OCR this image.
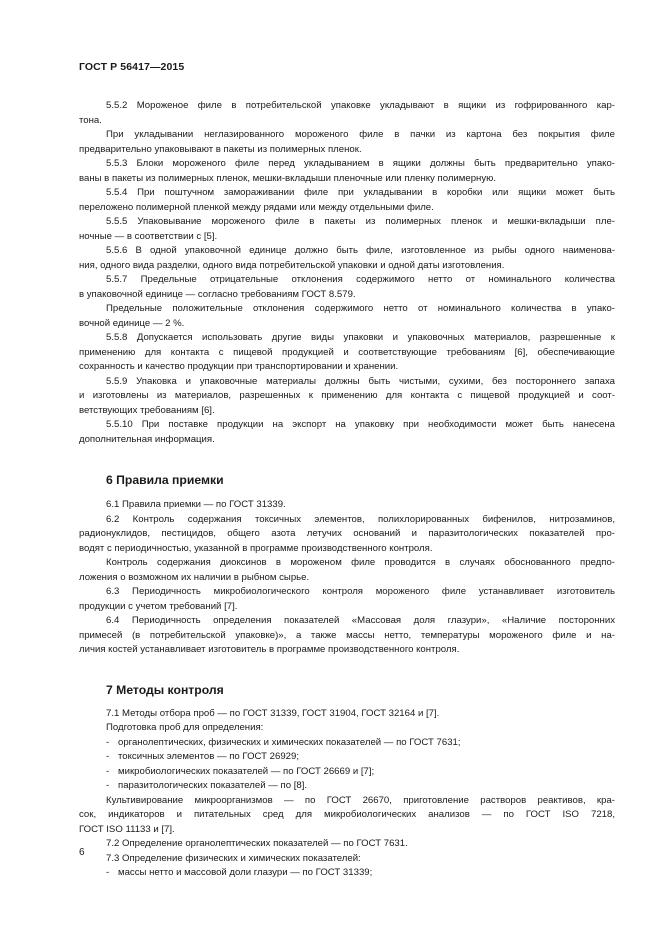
ГОСТ Р 56417—2015

5.5.2 Мороженое филе в потребительской упаковке укладывают в ящики из гофрированного кар-

тона.

При укладывании неглазированного мороженого филе в пачки из картона без покрытия филе

предварительно упаковывают в пакеты из полимерных пленок.

5.5.3 Блоки мороженого филе перед укладыванием в ящики должны быть предварительно упако-

ваны в пакеты из полимерных пленок, мешки-вкладыши пленочные или пленку полимерную.

5.5.4 При поштучном замораживании филе при укладывании в коробки или ящики может быть

переложено полимерной пленкой между рядами или между отдельными филе.

5.5.5 Упаковывание мороженого филе в пакеты из полимерных пленок и мешки-вкладыши пле-

ночные — в соответствии с [5].

5.5.6 В одной упаковочной единице должно быть филе, изготовленное из рыбы одного наименова-

ния, одного вида разделки, одного вида потребительской упаковки и одной даты изготовления.

5.5.7 Предельные отрицательные отклонения содержимого нетто от номинального количества

в упаковочной единице — согласно требованиям ГОСТ 8.579.

Предельные положительные отклонения содержимого нетто от номинального количества в упако-

вочной единице — 2 %.

5.5.8 Допускается использовать другие виды упаковки и упаковочных материалов, разрешенные к

применению для контакта с пищевой продукцией и соответствующие требованиям [6], обеспечивающие

сохранность и качество продукции при транспортировании и хранении.

5.5.9 Упаковка и упаковочные материалы должны быть чистыми, сухими, без постороннего запаха

и изготовлены из материалов, разрешенных к применению для контакта с пищевой продукцией и соот-

ветствующих требованиям [6].

5.5.10 При поставке продукции на экспорт на упаковку при необходимости может быть нанесена

дополнительная информация.

6 Правила приемки

6.1 Правила приемки — по ГОСТ 31339.

6.2 Контроль содержания токсичных элементов, полихлорированных бифенилов, нитрозаминов,

радионуклидов, пестицидов, общего азота летучих оснований и паразитологических показателей про-

водят с периодичностью, указанной в программе производственного контроля.

Контроль содержания диоксинов в мороженом филе проводится в случаях обоснованного предпо-

ложения о возможном их наличии в рыбном сырье.

6.3 Периодичность микробиологического контроля мороженого филе устанавливает изготовитель

продукции с учетом требований [7].

6.4 Периодичность определения показателей «Массовая доля глазури», «Наличие посторонних

примесей (в потребительской упаковке)», а также массы нетто, температуры мороженого филе и на-

личия костей устанавливает изготовитель в программе производственного контроля.

7 Методы контроля

7.1 Методы отбора проб — по ГОСТ 31339, ГОСТ 31904, ГОСТ 32164 и [7].

Подготовка проб для определения:

- органолептических, физических и химических показателей — по ГОСТ 7631;

- токсичных элементов — по ГОСТ 26929;

- микробиологических показателей — по ГОСТ 26669 и [7];

- паразитологических показателей — по [8].

Культивирование микроорганизмов — по ГОСТ 26670, приготовление растворов реактивов, кра-

сок, индикаторов и питательных сред для микробиологических анализов — по ГОСТ ISO 7218,

ГОСТ ISO 11133 и [7].

7.2 Определение органолептических показателей — по ГОСТ 7631.

7.3 Определение физических и химических показателей:

- массы нетто и массовой доли глазури — по ГОСТ 31339;

6
